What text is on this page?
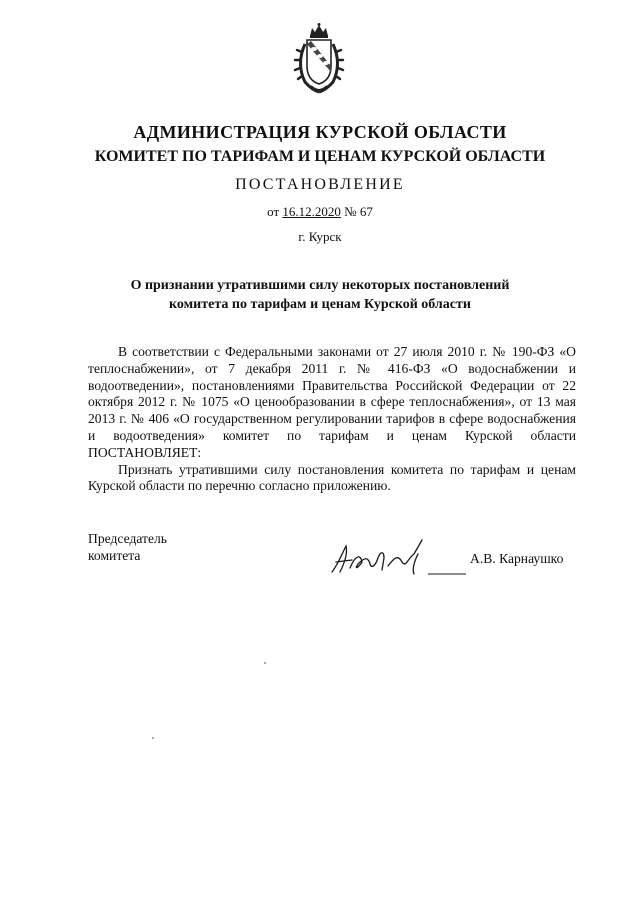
АДМИНИСТРАЦИЯ КУРСКОЙ ОБЛАСТИ
КОМИТЕТ ПО ТАРИФАМ И ЦЕНАМ КУРСКОЙ ОБЛАСТИ
ПОСТАНОВЛЕНИЕ
от 16.12.2020 № 67
г. Курск
О признании утратившими силу некоторых постановлений
комитета по тарифам и ценам Курской области

В соответствии с Федеральными законами от 27 июля 2010 г. № 190-ФЗ «О теплоснабжении», от 7 декабря 2011 г. № 416-ФЗ «О водоснабжении и водоотведении», постановлениями Правительства Российской Федерации от 22 октября 2012 г. № 1075 «О ценообразовании в сфере теплоснабжения», от 13 мая 2013 г. № 406 «О государственном регулировании тарифов в сфере водоснабжения и водоотведения» комитет по тарифам и ценам Курской области ПОСТАНОВЛЯЕТ:

Признать утратившими силу постановления комитета по тарифам и ценам Курской области по перечню согласно приложению.

Председатель
комитета	А.В. Карнаушко
